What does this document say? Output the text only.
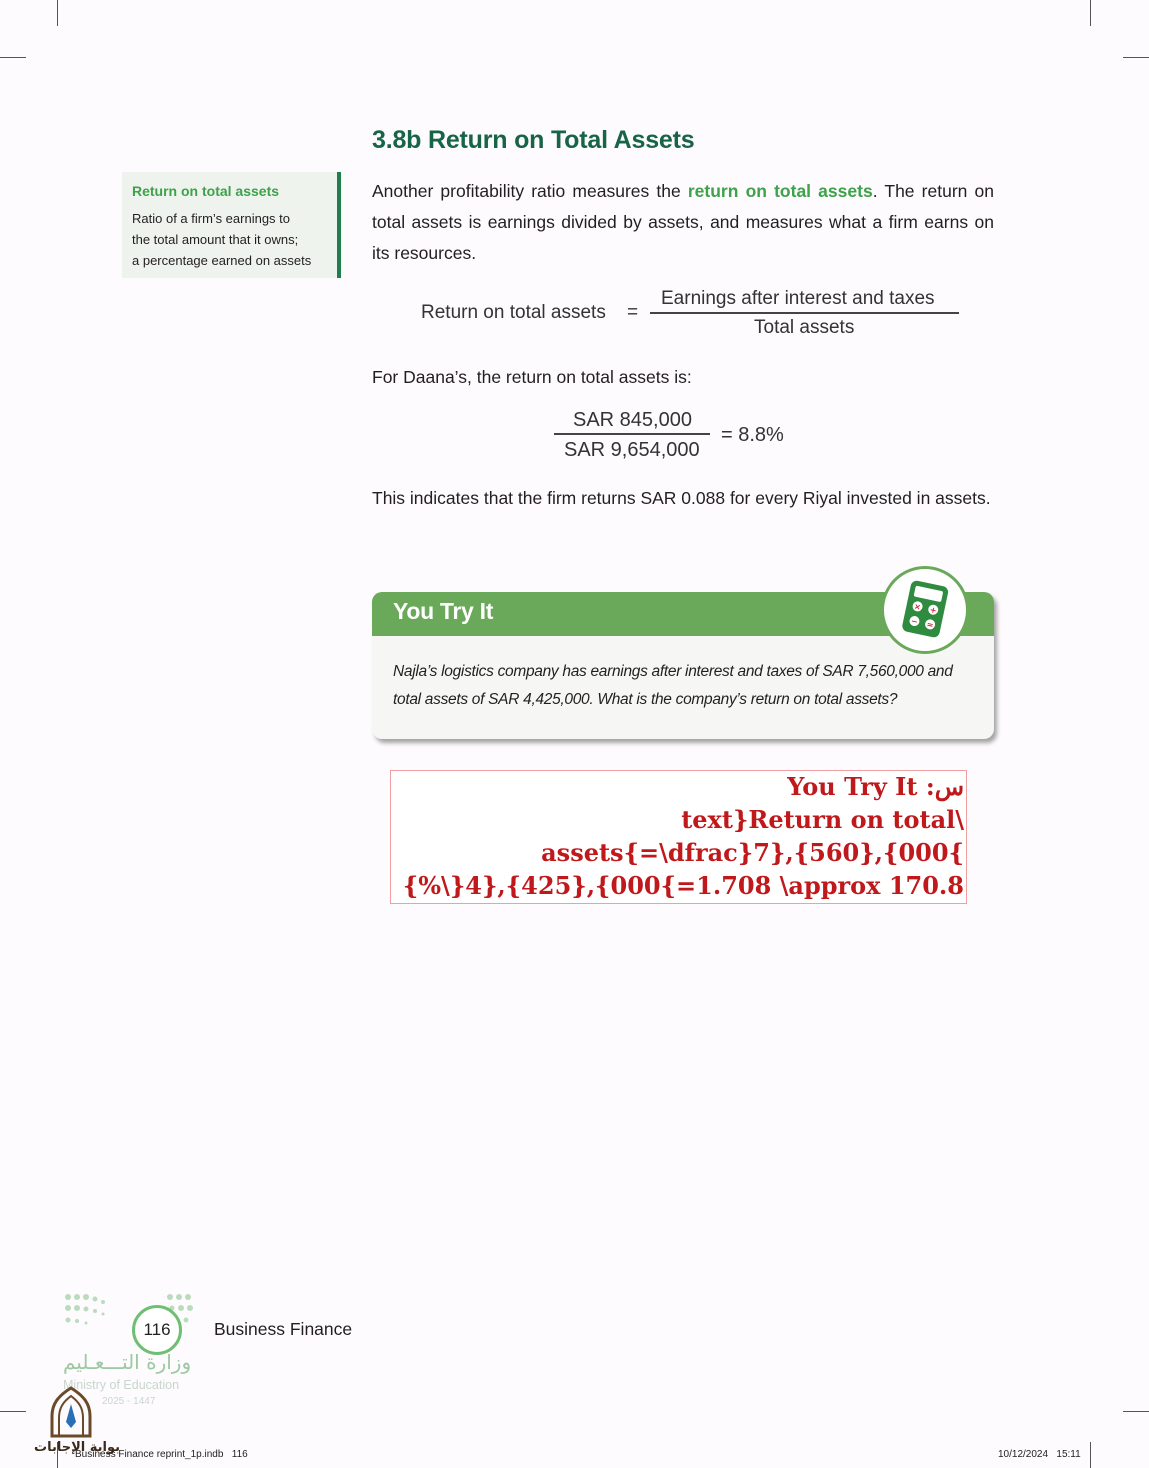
Return on total assets
Ratio of a firm’s earnings to
the total amount that it owns;
a percentage earned on assets
3.8b Return on Total Assets
Another profitability ratio measures the return on total assets. The return on total assets is earnings divided by assets, and measures what a firm earns on its resources.
Return on total assets =
Earnings after interest and taxes
Total assets
For Daana’s, the return on total assets is:
SAR 845,000
SAR 9,654,000
= 8.8%
This indicates that the firm returns SAR 0.088 for every Riyal invested in assets.
You Try It	× +
− =
Najla’s logistics company has earnings after interest and taxes of SAR 7,560,000 and total assets of SAR 4,425,000. What is the company’s return on total assets?
You Try It :س
text}Return on total\
assets{=\dfrac}7},{560},{000{
{%\}4},{425},{000{=1.708 \approx 170.8
116	Business Finance
وزارة التـــعـليم
Ministry of Education
2025 - 1447
بوابة الإجابات
Business Finance reprint_1p.indb   116	10/12/2024   15:11
